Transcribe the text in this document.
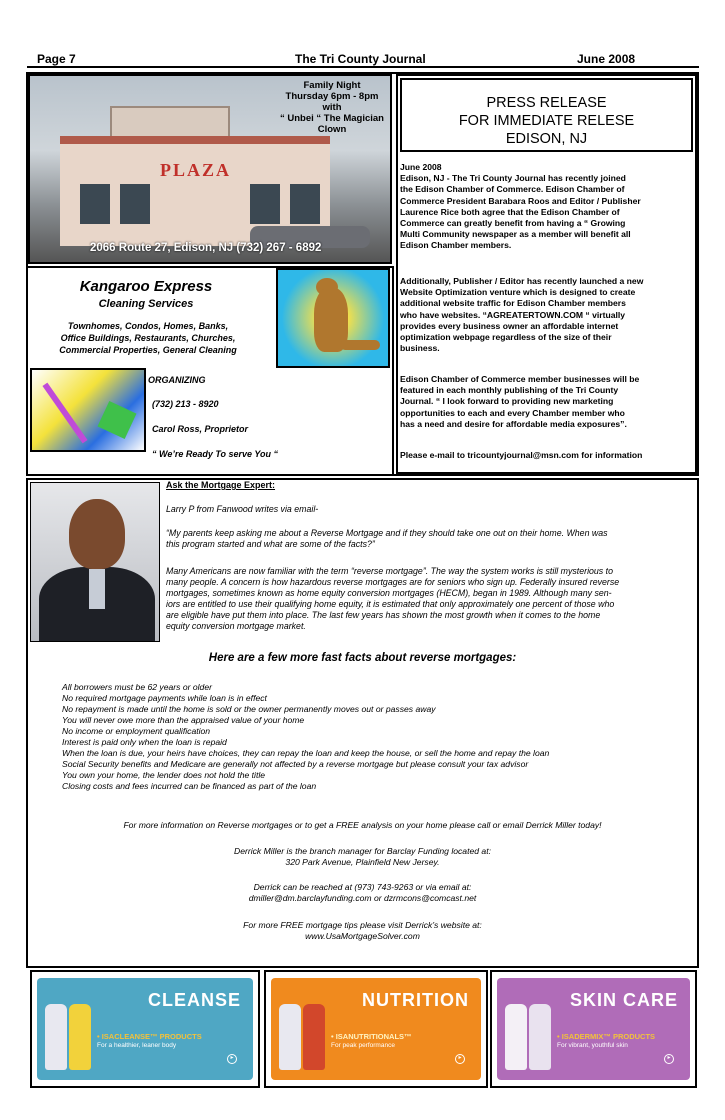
Page 7	The Tri County Journal	June 2008
PLAZA
2066 Route 27, Edison, NJ (732) 267 - 6892
Family Night
Thursday 6pm - 8pm
with
“ Unbei “ The Magician
Clown
Kangaroo Express
Cleaning Services
Townhomes, Condos, Homes, Banks,
Office Buildings, Restaurants, Churches,
Commercial Properties, General Cleaning
ORGANIZING
(732) 213 - 8920
Carol Ross, Proprietor
“ We’re Ready To serve You “
PRESS RELEASE
FOR IMMEDIATE RELESE
EDISON, NJ
June 2008
Edison, NJ - The Tri County Journal has recently joined
the Edison Chamber of Commerce. Edison Chamber of
Commerce President Barabara Roos and Editor / Publisher
Laurence Rice both agree that the Edison Chamber of
Commerce can greatly benefit from having a “ Growing
Multi Community newspaper as a member will benefit all
Edison Chamber members.
Additionally, Publisher / Editor has recently launched a new
Website Optimization venture which is designed to create
additional website traffic for Edison Chamber members
who have websites. “AGREATERTOWN.COM “ virtually
provides every business owner an affordable internet
optimization webpage regardless of the size of their
business.
Edison Chamber of Commerce member businesses will be
featured in each monthly publishing of the Tri County
Journal. “ I look forward to providing new marketing
opportunities to each and every Chamber member who
has a need and desire for affordable media exposures”.
Please e-mail to tricountyjournal@msn.com for information
Ask the Mortgage Expert:
Larry P from Fanwood writes via email-
“My parents keep asking me about a Reverse Mortgage and if they should take one out on their home. When was
this program started and what are some of the facts?”
Many Americans are now familiar with the term “reverse mortgage”. The way the system works is still mysterious to
many people. A concern is how hazardous reverse mortgages are for seniors who sign up. Federally insured reverse
mortgages, sometimes known as home equity conversion mortgages (HECM), began in 1989. Although many sen-
iors are entitled to use their qualifying home equity, it is estimated that only approximately one percent of those who
are eligible have put them into place. The last few years has shown the most growth when it comes to the home
equity conversion mortgage market.
Here are a few more fast facts about reverse mortgages:
All borrowers must be 62 years or older
No required mortgage payments while loan is in effect
No repayment is made until the home is sold or the owner permanently moves out or passes away
You will never owe more than the appraised value of your home
No income or employment qualification
Interest is paid only when the loan is repaid
When the loan is due, your heirs have choices, they can repay the loan and keep the house, or sell the home and repay the loan
Social Security benefits and Medicare are generally not affected by a reverse mortgage but please consult your tax advisor
You own your home, the lender does not hold the title
Closing costs and fees incurred can be financed as part of the loan
For more information on Reverse mortgages or to get a FREE analysis on your home please call or email Derrick Miller today!
Derrick Miller is the branch manager for Barclay Funding located at:
320 Park Avenue, Plainfield New Jersey.
Derrick can be reached at (973) 743-9263 or via email at:
dmiller@dm.barclayfunding.com or dzrmcons@comcast.net
For more FREE mortgage tips please visit Derrick’s website at:
www.UsaMortgageSolver.com
CLEANSE
• ISACLEANSE™ PRODUCTS
For a healthier, leaner body
▸
NUTRITION
• ISANUTRITIONALS™
For peak performance
▸
SKIN CARE
• ISADERMIX™ PRODUCTS
For vibrant, youthful skin
▸
